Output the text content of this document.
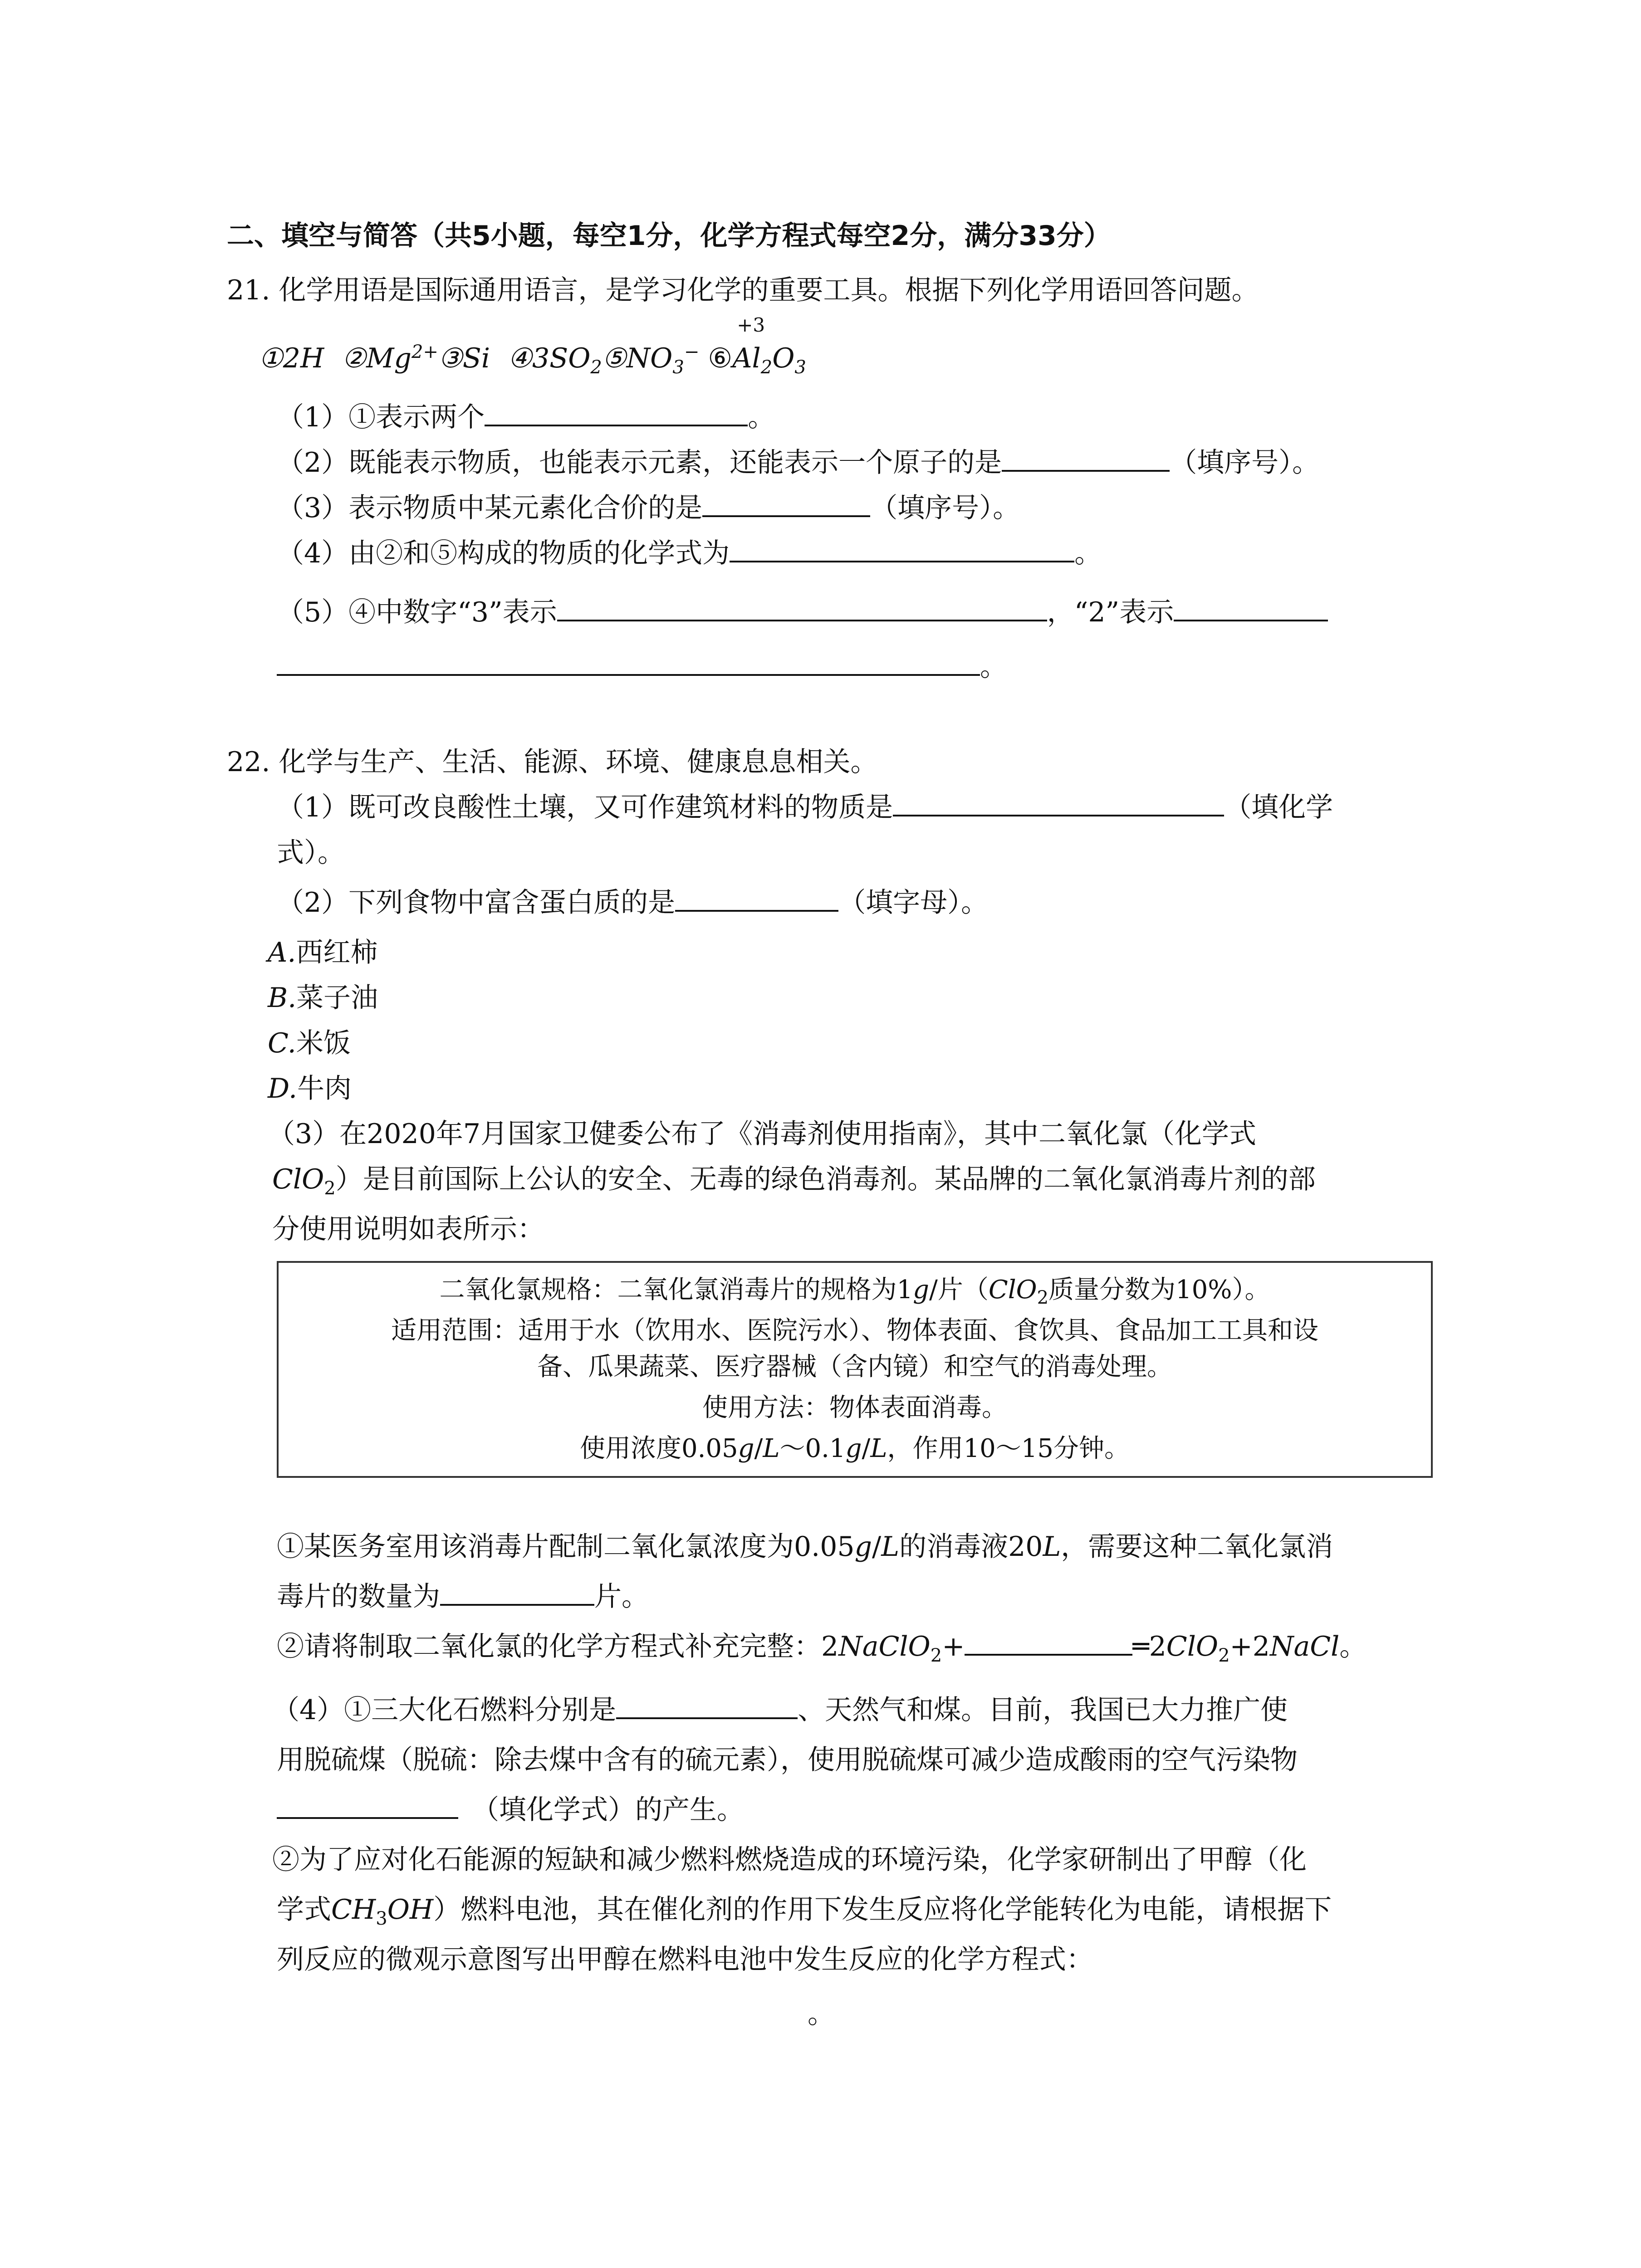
二、填空与简答（共5小题，每空1分，化学方程式每空2分，满分33分）
21. 化学用语是国际通用语言，是学习化学的重要工具。根据下列化学用语回答问题。
①2H $②Mg^{2+}③Si$ $④3SO_2⑤NO_3^-$ ⑥
+3
$Al_2O_3$
（1）①表示两个	。
（2）既能表示物质，也能表示元素，还能表示一个原子的是	（填序号）。
（3）表示物质中某元素化合价的是	（填序号）。
（4）由②和⑤构成的物质的化学式为	。
（5）④中数字“3”表示	，“2”表示
。
22. 化学与生产、生活、能源、环境、健康息息相关。
（1）既可改良酸性土壤，又可作建筑材料的物质是	（填化学
式）。
（2）下列食物中富含蛋白质的是	（填字母）。
A.西红柿
B.菜子油
C.米饭
D.牛肉
（3）在2020年7月国家卫健委公布了《消毒剂使用指南》，其中二氧化氯（化学式
ClO$_2$）是目前国际上公认的安全、无毒的绿色消毒剂。某品牌的二氧化氯消毒片剂的部
分使用说明如表所示：
二氧化氯规格：二氧化氯消毒片的规格为1g/片（ClO$_2$质量分数为10%）。
适用范围：适用于水（饮用水、医院污水）、物体表面、食饮具、食品加工工具和设
备、瓜果蔬菜、医疗器械（含内镜）和空气的消毒处理。
使用方法：物体表面消毒。
使用浓度0.05g/L～0.1g/L，作用10～15分钟。
①某医务室用该消毒片配制二氧化氯浓度为0.05g/L的消毒液20L，需要这种二氧化氯消
毒片的数量为	片。
②请将制取二氧化氯的化学方程式补充完整：2NaClO$_2$+	═2ClO$_2$+2NaCl。
（4）①三大化石燃料分别是	、天然气和煤。目前，我国已大力推广使
用脱硫煤（脱硫：除去煤中含有的硫元素），使用脱硫煤可减少造成酸雨的空气污染物
（填化学式）的产生。
②为了应对化石能源的短缺和减少燃料燃烧造成的环境污染，化学家研制出了甲醇（化
学式$CH_3OH$）燃料电池，其在催化剂的作用下发生反应将化学能转化为电能，请根据下
列反应的微观示意图写出甲醇在燃料电池中发生反应的化学方程式：
。
